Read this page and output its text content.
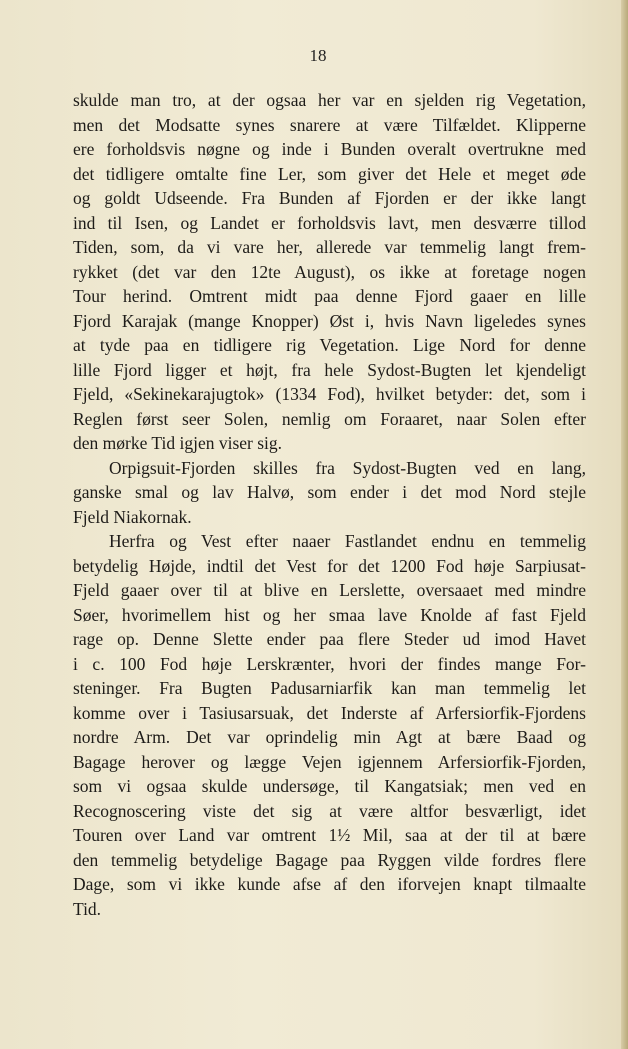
18
skulde man tro, at der ogsaa her var en sjelden rig Vegetation,
men det Modsatte synes snarere at være Tilfældet. Klipperne
ere forholdsvis nøgne og inde i Bunden overalt overtrukne med
det tidligere omtalte fine Ler, som giver det Hele et meget øde
og goldt Udseende. Fra Bunden af Fjorden er der ikke langt
ind til Isen, og Landet er forholdsvis lavt, men desværre tillod
Tiden, som, da vi vare her, allerede var temmelig langt frem-
rykket (det var den 12te August), os ikke at foretage nogen
Tour herind. Omtrent midt paa denne Fjord gaaer en lille
Fjord Karajak (mange Knopper) Øst i, hvis Navn ligeledes synes
at tyde paa en tidligere rig Vegetation. Lige Nord for denne
lille Fjord ligger et højt, fra hele Sydost-Bugten let kjendeligt
Fjeld, «Sekinekarajugtok» (1334 Fod), hvilket betyder: det, som i
Reglen først seer Solen, nemlig om Foraaret, naar Solen efter
den mørke Tid igjen viser sig.
Orpigsuit-Fjorden skilles fra Sydost-Bugten ved en lang,
ganske smal og lav Halvø, som ender i det mod Nord stejle
Fjeld Niakornak.
Herfra og Vest efter naaer Fastlandet endnu en temmelig
betydelig Højde, indtil det Vest for det 1200 Fod høje Sarpiusat-
Fjeld gaaer over til at blive en Lerslette, oversaaet med mindre
Søer, hvorimellem hist og her smaa lave Knolde af fast Fjeld
rage op. Denne Slette ender paa flere Steder ud imod Havet
i c. 100 Fod høje Lerskrænter, hvori der findes mange For-
steninger. Fra Bugten Padusarniarfik kan man temmelig let
komme over i Tasiusarsuak, det Inderste af Arfersiorfik-Fjordens
nordre Arm. Det var oprindelig min Agt at bære Baad og
Bagage herover og lægge Vejen igjennem Arfersiorfik-Fjorden,
som vi ogsaa skulde undersøge, til Kangatsiak; men ved en
Recognoscering viste det sig at være altfor besværligt, idet
Touren over Land var omtrent 1½ Mil, saa at der til at bære
den temmelig betydelige Bagage paa Ryggen vilde fordres flere
Dage, som vi ikke kunde afse af den iforvejen knapt tilmaalte
Tid.
